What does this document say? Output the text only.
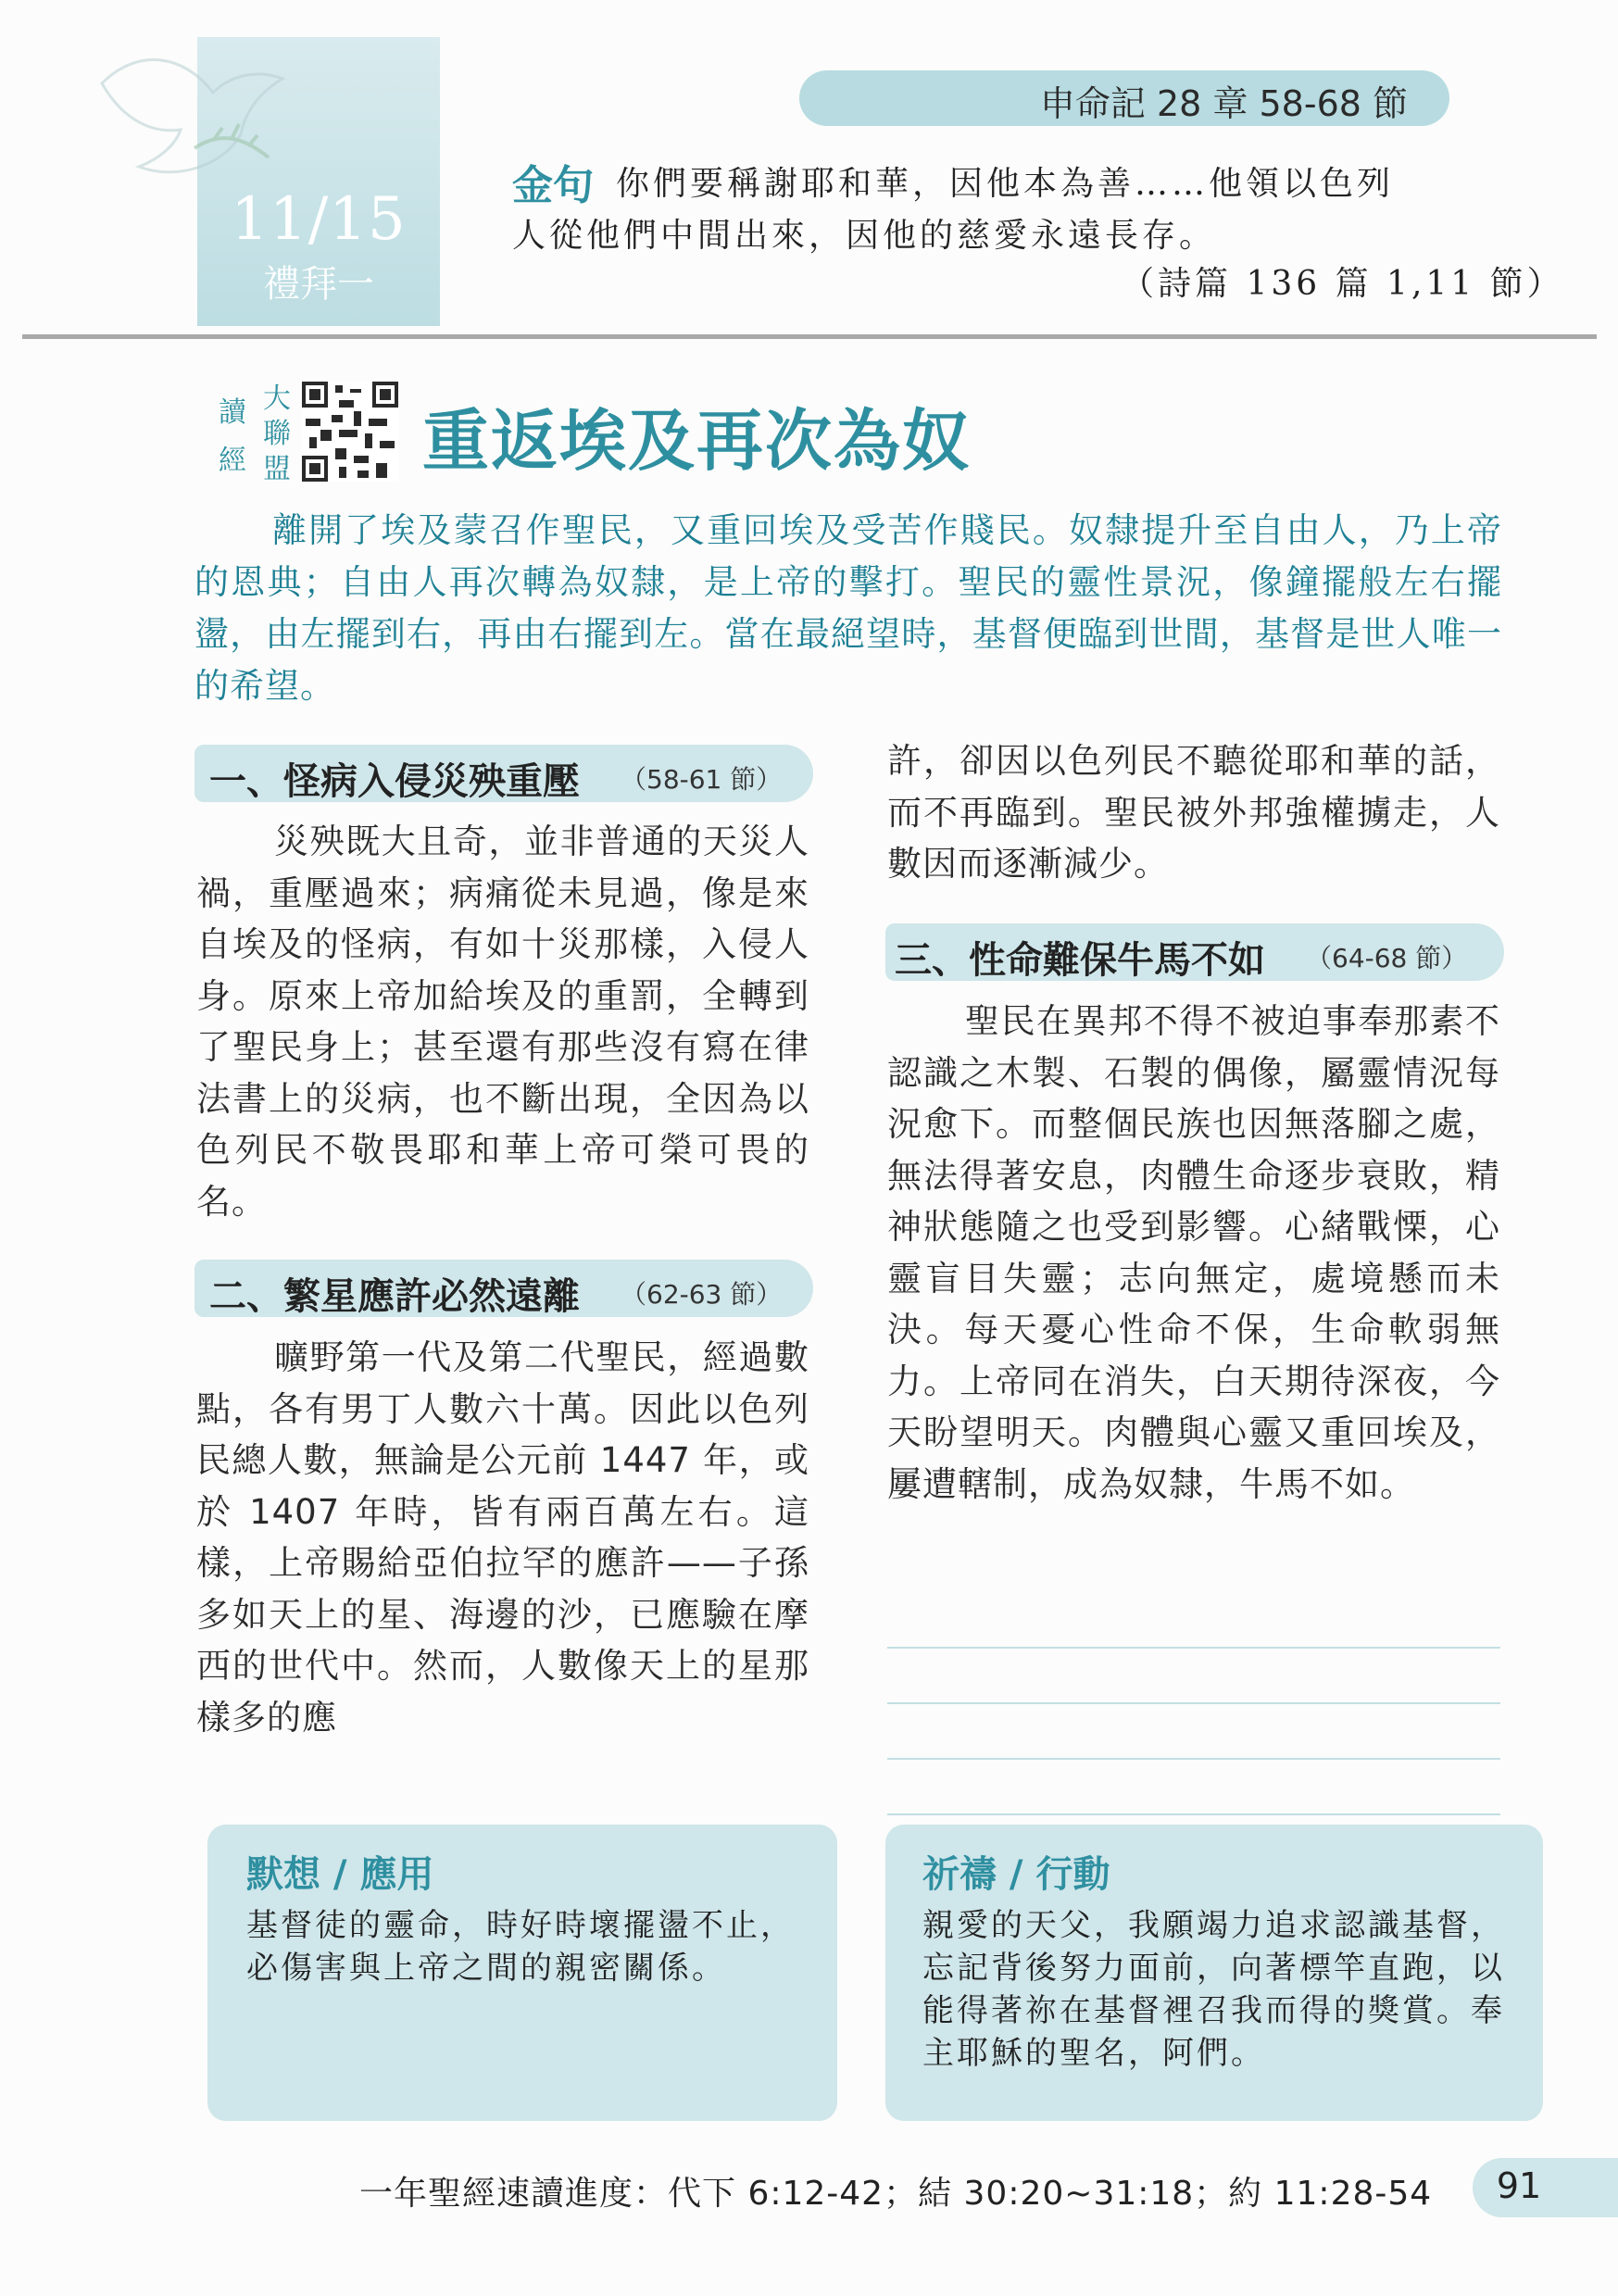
11/15
禮拜一
申命記 28 章 58-68 節
金句 你們要稱謝耶和華，因他本為善……他領以色列
人從他們中間出來，因他的慈愛永遠長存。
（詩篇 136 篇 1,11 節）
讀經
大聯盟 重返埃及再次為奴
離開了埃及蒙召作聖民，又重回埃及受苦作賤民。奴隸提升至自由人，乃上帝的恩典；自由人再次轉為奴隸，是上帝的擊打。聖民的靈性景況，像鐘擺般左右擺盪，由左擺到右，再由右擺到左。當在最絕望時，基督便臨到世間，基督是世人唯一的希望。
一、怪病入侵災殃重壓 （58-61 節）
災殃既大且奇，並非普通的天災人禍，重壓過來；病痛從未見過，像是來自埃及的怪病，有如十災那樣，入侵人身。原來上帝加給埃及的重罰，全轉到了聖民身上；甚至還有那些沒有寫在律法書上的災病，也不斷出現，全因為以色列民不敬畏耶和華上帝可榮可畏的名。
二、繁星應許必然遠離 （62-63 節）
曠野第一代及第二代聖民，經過數點，各有男丁人數六十萬。因此以色列民總人數，無論是公元前 1447 年，或於 1407 年時，皆有兩百萬左右。這樣，上帝賜給亞伯拉罕的應許——子孫多如天上的星、海邊的沙，已應驗在摩西的世代中。然而，人數像天上的星那樣多的應
許，卻因以色列民不聽從耶和華的話，而不再臨到。聖民被外邦強權擄走，人數因而逐漸減少。
三、性命難保牛馬不如 （64-68 節）
聖民在異邦不得不被迫事奉那素不認識之木製、石製的偶像，屬靈情況每況愈下。而整個民族也因無落腳之處，無法得著安息，肉體生命逐步衰敗，精神狀態隨之也受到影響。心緒戰慄，心靈盲目失靈；志向無定，處境懸而未決。每天憂心性命不保，生命軟弱無力。上帝同在消失，白天期待深夜，今天盼望明天。肉體與心靈又重回埃及，屢遭轄制，成為奴隸，牛馬不如。
默想 / 應用
基督徒的靈命，時好時壞擺盪不止，必傷害與上帝之間的親密關係。
祈禱 / 行動
親愛的天父，我願竭力追求認識基督，忘記背後努力面前，向著標竿直跑，以能得著祢在基督裡召我而得的獎賞。奉主耶穌的聖名，阿們。
一年聖經速讀進度：代下 6:12-42；結 30:20~31:18；約 11:28-54	91
